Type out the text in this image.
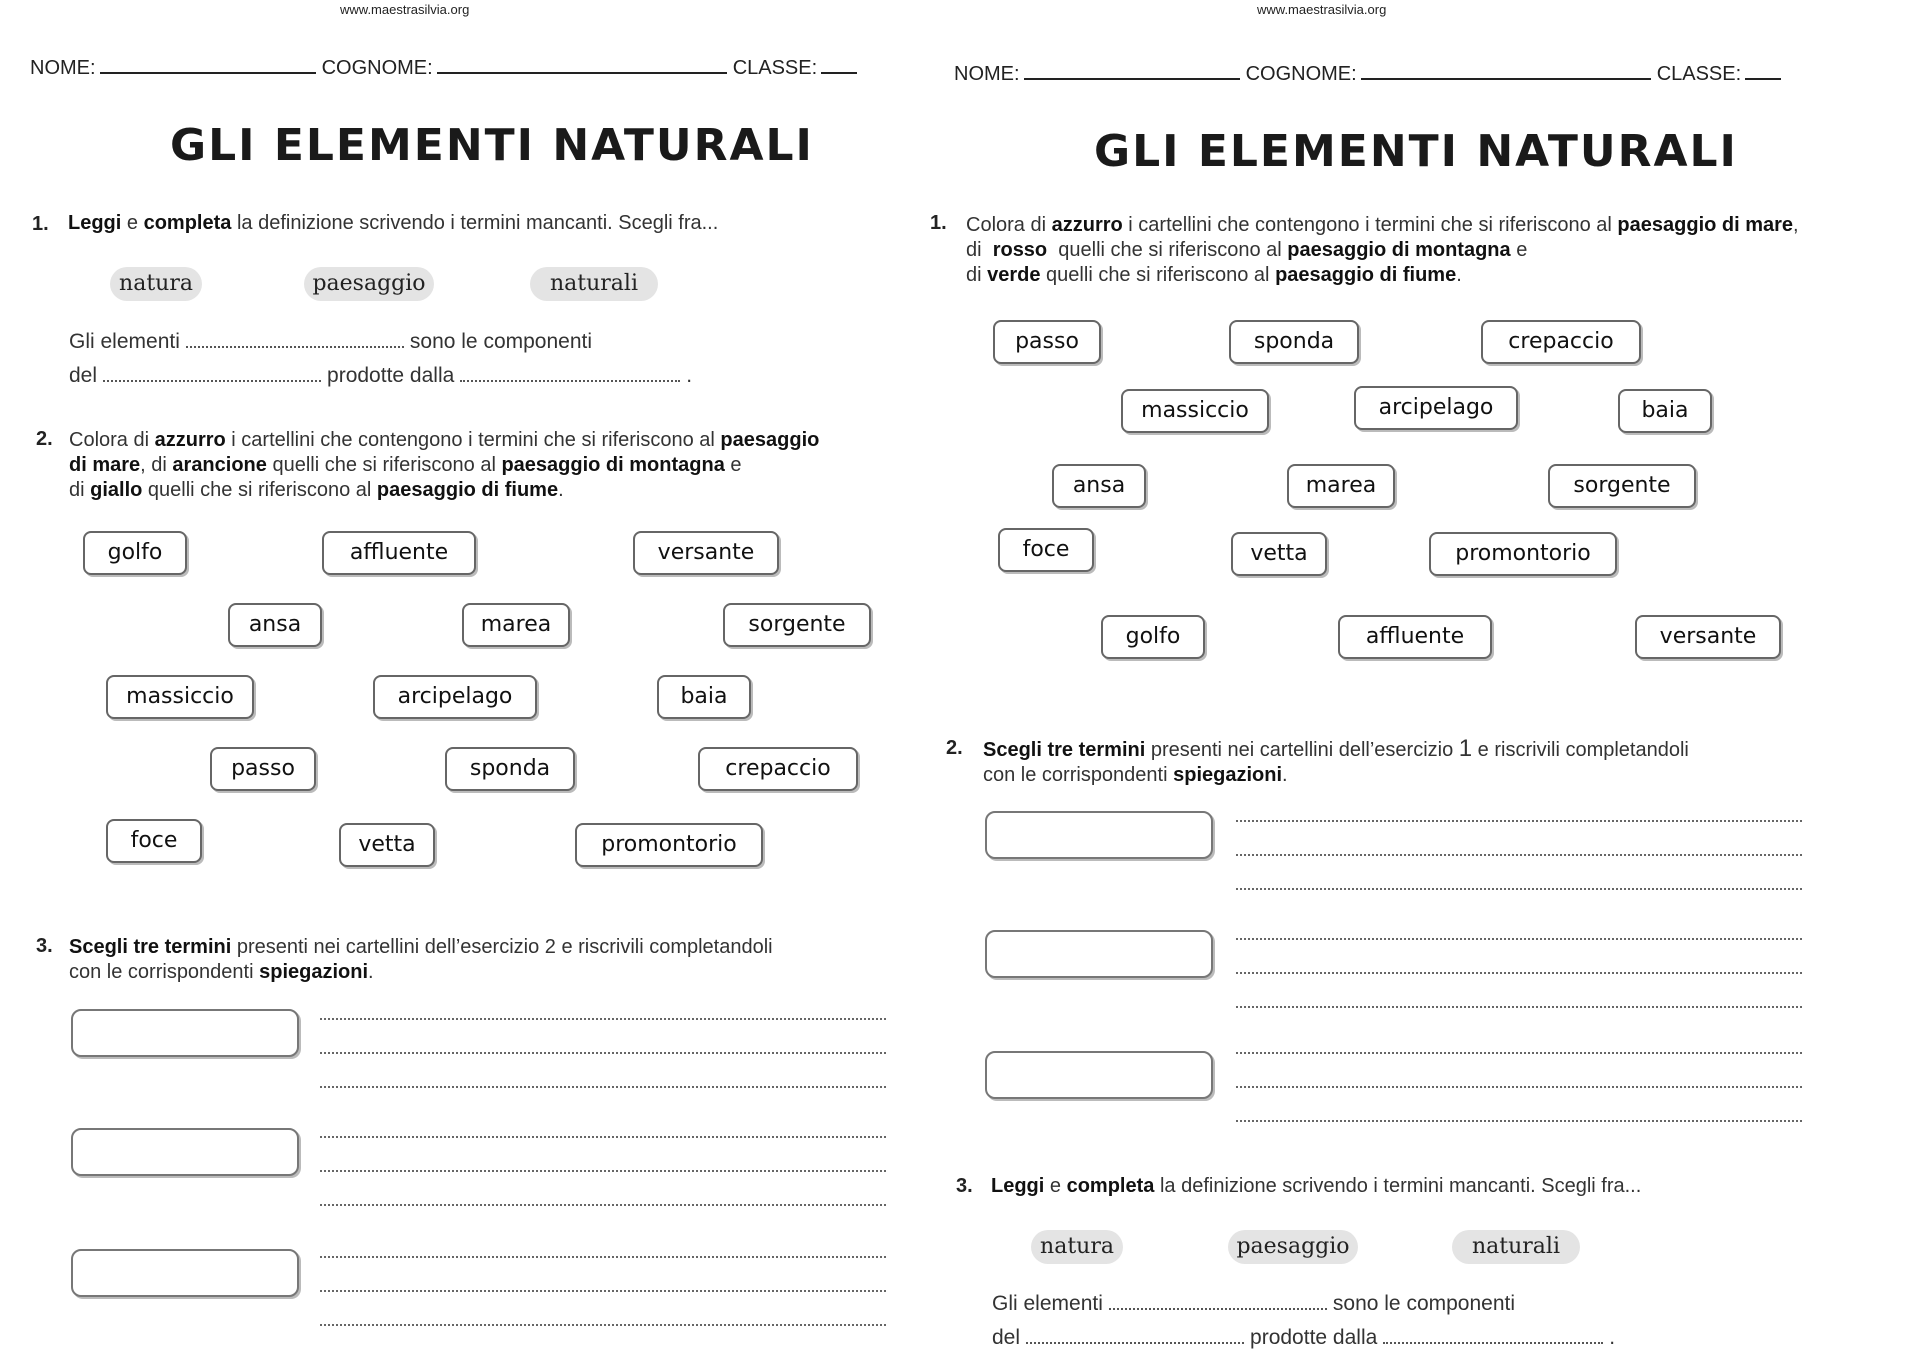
www.maestrasilvia.org
NOME:	COGNOME:	CLASSE:
GLI ELEMENTI NATURALI
1. Leggi e completa la definizione scrivendo i termini mancanti. Scegli fra...
natura	paesaggio	naturali
Gli elementi	sono le componenti
del	prodotte dalla	.
2. Colora di azzurro i cartellini che contengono i termini che si riferiscono al paesaggio
di mare, di arancione quelli che si riferiscono al paesaggio di montagna e
di giallo quelli che si riferiscono al paesaggio di fiume.
golfo	affluente	versante
ansa	marea	sorgente
massiccio	arcipelago	baia
passo	sponda	crepaccio
foce	vetta	promontorio
3. Scegli tre termini presenti nei cartellini dell’esercizio 2 e riscrivili completandoli
con le corrispondenti spiegazioni.
www.maestrasilvia.org
NOME:	COGNOME:	CLASSE:
GLI ELEMENTI NATURALI
1. Colora di azzurro i cartellini che contengono i termini che si riferiscono al paesaggio di mare,
di  rosso  quelli che si riferiscono al paesaggio di montagna e
di verde quelli che si riferiscono al paesaggio di fiume.
passo	sponda	crepaccio
massiccio	arcipelago	baia
ansa	marea	sorgente
foce	vetta	promontorio
golfo	affluente	versante
2. Scegli tre termini presenti nei cartellini dell’esercizio 1 e riscrivili completandoli
con le corrispondenti spiegazioni.
3. Leggi e completa la definizione scrivendo i termini mancanti. Scegli fra...
natura	paesaggio	naturali
Gli elementi	sono le componenti
del	prodotte dalla	.
